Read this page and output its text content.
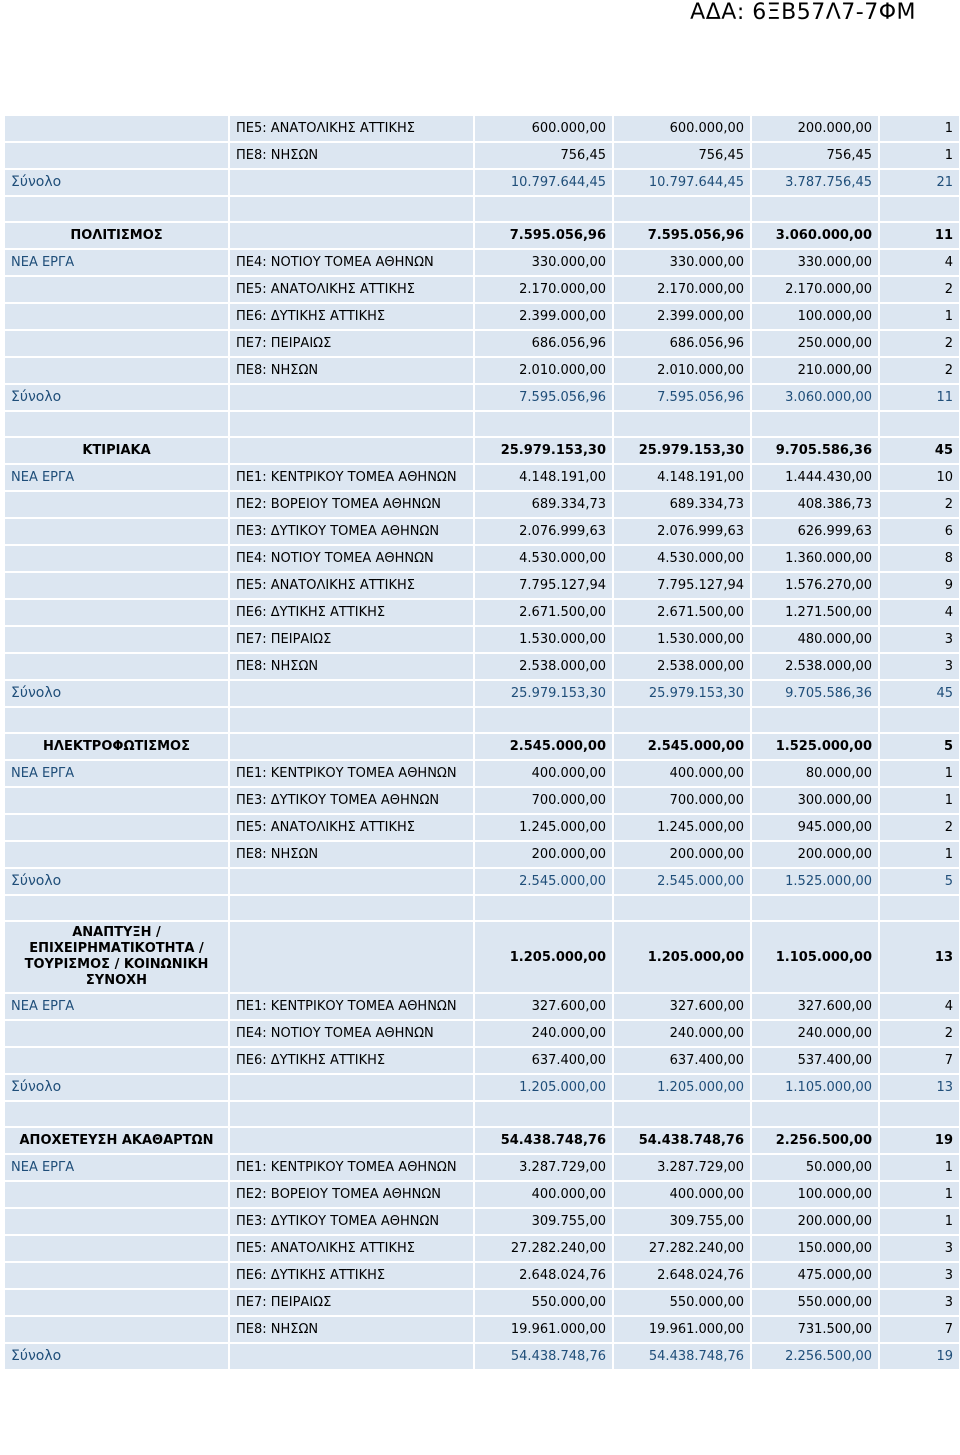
ΑΔΑ: 6ΞΒ57Λ7-7ΦΜ
	ΠΕ5: ΑΝΑΤΟΛΙΚΗΣ ΑΤΤΙΚΗΣ	600.000,00	600.000,00	200.000,00	1
	ΠΕ8: ΝΗΣΩΝ	756,45	756,45	756,45	1
Σύνολο		10.797.644,45	10.797.644,45	3.787.756,45	21

ΠΟΛΙΤΙΣΜΟΣ		7.595.056,96	7.595.056,96	3.060.000,00	11
ΝΕΑ ΕΡΓΑ	ΠΕ4: ΝΟΤΙΟΥ ΤΟΜΕΑ ΑΘΗΝΩΝ	330.000,00	330.000,00	330.000,00	4
	ΠΕ5: ΑΝΑΤΟΛΙΚΗΣ ΑΤΤΙΚΗΣ	2.170.000,00	2.170.000,00	2.170.000,00	2
	ΠΕ6: ΔΥΤΙΚΗΣ ΑΤΤΙΚΗΣ	2.399.000,00	2.399.000,00	100.000,00	1
	ΠΕ7: ΠΕΙΡΑΙΩΣ	686.056,96	686.056,96	250.000,00	2
	ΠΕ8: ΝΗΣΩΝ	2.010.000,00	2.010.000,00	210.000,00	2
Σύνολο		7.595.056,96	7.595.056,96	3.060.000,00	11

ΚΤΙΡΙΑΚΑ		25.979.153,30	25.979.153,30	9.705.586,36	45
ΝΕΑ ΕΡΓΑ	ΠΕ1: ΚΕΝΤΡΙΚΟΥ ΤΟΜΕΑ ΑΘΗΝΩΝ	4.148.191,00	4.148.191,00	1.444.430,00	10
	ΠΕ2: ΒΟΡΕΙΟΥ ΤΟΜΕΑ ΑΘΗΝΩΝ	689.334,73	689.334,73	408.386,73	2
	ΠΕ3: ΔΥΤΙΚΟΥ ΤΟΜΕΑ ΑΘΗΝΩΝ	2.076.999,63	2.076.999,63	626.999,63	6
	ΠΕ4: ΝΟΤΙΟΥ ΤΟΜΕΑ ΑΘΗΝΩΝ	4.530.000,00	4.530.000,00	1.360.000,00	8
	ΠΕ5: ΑΝΑΤΟΛΙΚΗΣ ΑΤΤΙΚΗΣ	7.795.127,94	7.795.127,94	1.576.270,00	9
	ΠΕ6: ΔΥΤΙΚΗΣ ΑΤΤΙΚΗΣ	2.671.500,00	2.671.500,00	1.271.500,00	4
	ΠΕ7: ΠΕΙΡΑΙΩΣ	1.530.000,00	1.530.000,00	480.000,00	3
	ΠΕ8: ΝΗΣΩΝ	2.538.000,00	2.538.000,00	2.538.000,00	3
Σύνολο		25.979.153,30	25.979.153,30	9.705.586,36	45

ΗΛΕΚΤΡΟΦΩΤΙΣΜΟΣ		2.545.000,00	2.545.000,00	1.525.000,00	5
ΝΕΑ ΕΡΓΑ	ΠΕ1: ΚΕΝΤΡΙΚΟΥ ΤΟΜΕΑ ΑΘΗΝΩΝ	400.000,00	400.000,00	80.000,00	1
	ΠΕ3: ΔΥΤΙΚΟΥ ΤΟΜΕΑ ΑΘΗΝΩΝ	700.000,00	700.000,00	300.000,00	1
	ΠΕ5: ΑΝΑΤΟΛΙΚΗΣ ΑΤΤΙΚΗΣ	1.245.000,00	1.245.000,00	945.000,00	2
	ΠΕ8: ΝΗΣΩΝ	200.000,00	200.000,00	200.000,00	1
Σύνολο		2.545.000,00	2.545.000,00	1.525.000,00	5

ΑΝΑΠΤΥΞΗ / ΕΠΙΧΕΙΡΗΜΑΤΙΚΟΤΗΤΑ / ΤΟΥΡΙΣΜΟΣ / ΚΟΙΝΩΝΙΚΗ ΣΥΝΟΧΗ		1.205.000,00	1.205.000,00	1.105.000,00	13
ΝΕΑ ΕΡΓΑ	ΠΕ1: ΚΕΝΤΡΙΚΟΥ ΤΟΜΕΑ ΑΘΗΝΩΝ	327.600,00	327.600,00	327.600,00	4
	ΠΕ4: ΝΟΤΙΟΥ ΤΟΜΕΑ ΑΘΗΝΩΝ	240.000,00	240.000,00	240.000,00	2
	ΠΕ6: ΔΥΤΙΚΗΣ ΑΤΤΙΚΗΣ	637.400,00	637.400,00	537.400,00	7
Σύνολο		1.205.000,00	1.205.000,00	1.105.000,00	13

ΑΠΟΧΕΤΕΥΣΗ ΑΚΑΘΑΡΤΩΝ		54.438.748,76	54.438.748,76	2.256.500,00	19
ΝΕΑ ΕΡΓΑ	ΠΕ1: ΚΕΝΤΡΙΚΟΥ ΤΟΜΕΑ ΑΘΗΝΩΝ	3.287.729,00	3.287.729,00	50.000,00	1
	ΠΕ2: ΒΟΡΕΙΟΥ ΤΟΜΕΑ ΑΘΗΝΩΝ	400.000,00	400.000,00	100.000,00	1
	ΠΕ3: ΔΥΤΙΚΟΥ ΤΟΜΕΑ ΑΘΗΝΩΝ	309.755,00	309.755,00	200.000,00	1
	ΠΕ5: ΑΝΑΤΟΛΙΚΗΣ ΑΤΤΙΚΗΣ	27.282.240,00	27.282.240,00	150.000,00	3
	ΠΕ6: ΔΥΤΙΚΗΣ ΑΤΤΙΚΗΣ	2.648.024,76	2.648.024,76	475.000,00	3
	ΠΕ7: ΠΕΙΡΑΙΩΣ	550.000,00	550.000,00	550.000,00	3
	ΠΕ8: ΝΗΣΩΝ	19.961.000,00	19.961.000,00	731.500,00	7
Σύνολο		54.438.748,76	54.438.748,76	2.256.500,00	19
